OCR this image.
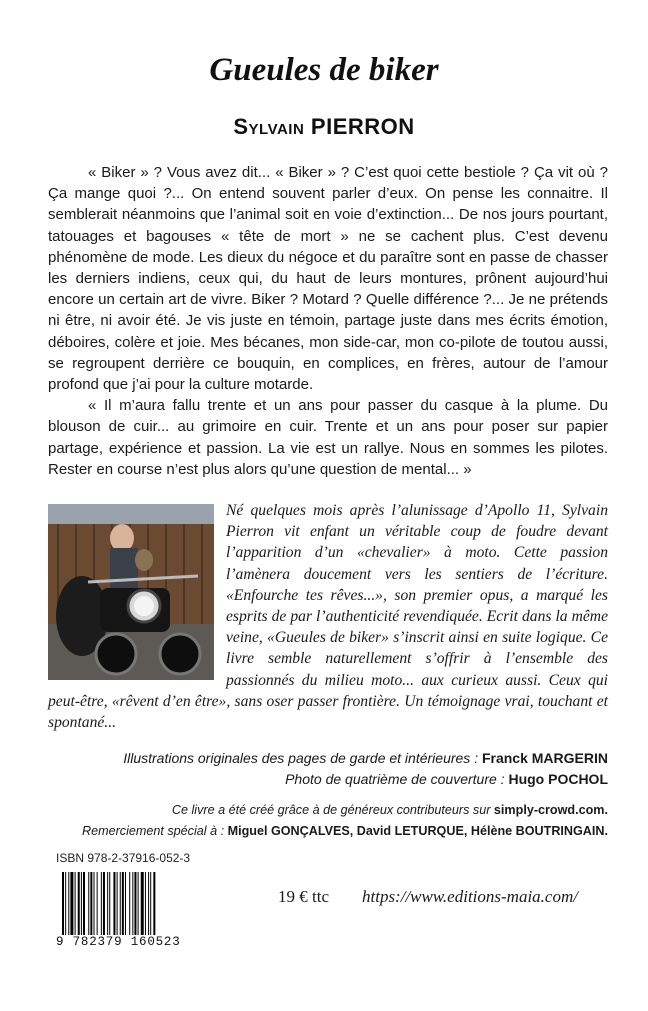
Gueules de biker
Sylvain PIERRON

« Biker » ? Vous avez dit... « Biker » ? C’est quoi cette bestiole ? Ça vit où ? Ça mange quoi ?... On entend souvent parler d’eux. On pense les connaitre. Il semblerait néanmoins que l’animal soit en voie d’extinction... De nos jours pourtant, tatouages et bagouses « tête de mort » ne se cachent plus. C’est devenu phénomène de mode. Les dieux du négoce et du paraître sont en passe de chasser les derniers indiens, ceux qui, du haut de leurs montures, prônent aujourd’hui encore un certain art de vivre. Biker ? Motard ? Quelle différence ?... Je ne prétends ni être, ni avoir été. Je vis juste en témoin, partage juste dans mes écrits émotion, déboires, colère et joie. Mes bécanes, mon side-car, mon co-pilote de toutou aussi, se regroupent derrière ce bouquin, en complices, en frères, autour de l’amour profond que j’ai pour la culture motarde.

« Il m’aura fallu trente et un ans pour passer du casque à la plume. Du blouson de cuir... au grimoire en cuir. Trente et un ans pour poser sur papier partage, expérience et passion. La vie est un rallye. Nous en sommes les pilotes. Rester en course n’est plus alors qu’une question de mental... »

Né quelques mois après l’alunissage d’Apollo 11, Sylvain Pierron vit enfant un véritable coup de foudre devant l’apparition d’un «chevalier» à moto. Cette passion l’amènera doucement vers les sentiers de l’écriture. «Enfourche tes rêves...», son premier opus, a marqué les esprits de par l’authenticité revendiquée. Ecrit dans la même veine, «Gueules de biker» s’inscrit ainsi en suite logique. Ce livre semble naturellement s’offrir à l’ensemble des passionnés du milieu moto... aux curieux aussi. Ceux qui peut-être, «rêvent d’en être», sans oser passer frontière. Un témoignage vrai, touchant et spontané...
Illustrations originales des pages de garde et intérieures : Franck MARGERIN
Photo de quatrième de couverture : Hugo POCHOL
Ce livre a été créé grâce à de généreux contributeurs sur simply-crowd.com.
Remerciement spécial à : Miguel GONÇALVES, David LETURQUE, Hélène BOUTRINGAIN.
ISBN 978-2-37916-052-3
9 782379 160523
19 € ttc https://www.editions-maia.com/
